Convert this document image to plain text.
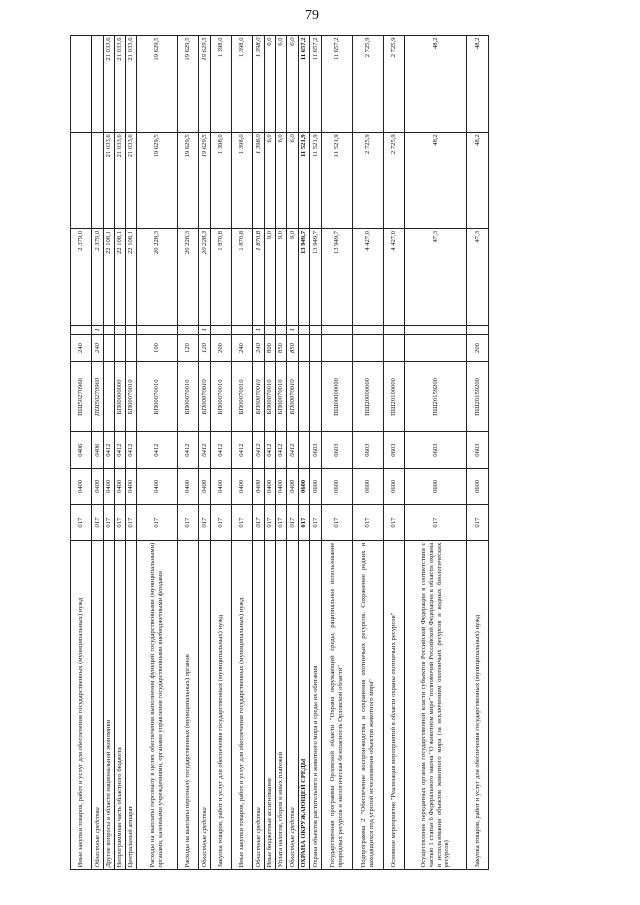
79
Иные закупки товаров, работ и услуг для обеспечения государственных (муниципальных) нужд	017	0400	0406	ПШ50270960	240		2 379,0		
Областные средства	017	0400	0406	ПШ50270960	240	1	2 379,0		
Другие вопросы в области национальной экономики	017	0400	0412				22 108,1	21 033,6	21 033,6
Непрограммная часть областного бюджета	017	0400	0412	БП00000000			22 108,1	21 033,6	21 033,6
Центральный аппарат	017	0400	0412	БП00070010			22 108,1	21 033,6	21 033,6
Расходы на выплаты персоналу в целях обеспечения выполнения функций государственными (муниципальными) органами, казенными учреждениями, органами управления государственными внебюджетными фондами	017	0400	0412	БП00070010	100		20 228,3	19 629,5	19 629,5
Расходы на выплаты персоналу государственных (муниципальных) органов	017	0400	0412	БП00070010	120		20 228,3	19 629,5	19 629,5
Областные средства	017	0400	0412	БП00070010	120	1	20 228,3	19 629,5	19 629,5
Закупка товаров, работ и услуг для обеспечения государственных (муниципальных) нужд	017	0400	0412	БП00070010	200		1 870,8	1 398,0	1 398,0
Иные закупки товаров, работ и услуг для обеспечения государственных (муниципальных) нужд	017	0400	0412	БП00070010	240		1 870,8	1 398,0	1 398,0
Областные средства	017	0400	0412	БП00070010	240	1	1 870,8	1 398,0	1 398,0
Иные бюджетные ассигнования	017	0400	0412	БП00070010	800		9,0	6,0	6,0
Уплата налогов, сборов и иных платежей	017	0400	0412	БП00070010	850		9,0	6,0	6,0
Областные средства	017	0400	0412	БП00070010	850	1	9,0	6,0	6,0
ОХРАНА ОКРУЖАЮЩЕЙ СРЕДЫ	017	0600					13 949,7	11 521,9	11 657,2
Охрана объектов растительного и животного мира и среды их обитания	017	0600	0603				13 949,7	11 521,9	11 657,2
Государственная программа Орловской области "Охрана окружающей среды, рациональное использование природных ресурсов и экологическая безопасность Орловской области"	017	0600	0603	ПШ00000000			13 949,7	11 521,9	11 657,2
Подпрограмма 2 "Обеспечение воспроизводства и сохранения охотничьих ресурсов. Сохранение редких и находящихся под угрозой исчезновения объектов животного мира"	017	0600	0603	ПШ20000000			4 427,0	2 725,9	2 725,9
Основное мероприятие "Реализация мероприятий в области охраны охотничьих ресурсов"	017	0600	0603	ПШ20100000			4 427,0	2 725,9	2 725,9
Осуществление переданных органам государственной власти субъектов Российской Федерации в соответствии с частью 1 статьи 6 Федерального закона "О животном мире" полномочий Российской Федерации в области охраны и использования объектов животного мира (за исключением охотничьих ресурсов и водных биологических ресурсов)	017	0600	0603	ПШ20159200			47,3	48,2	48,2
Закупка товаров, работ и услуг для обеспечения государственных (муниципальных) нужд	017	0600	0603	ПШ20159200	200		47,3	48,2	48,2
